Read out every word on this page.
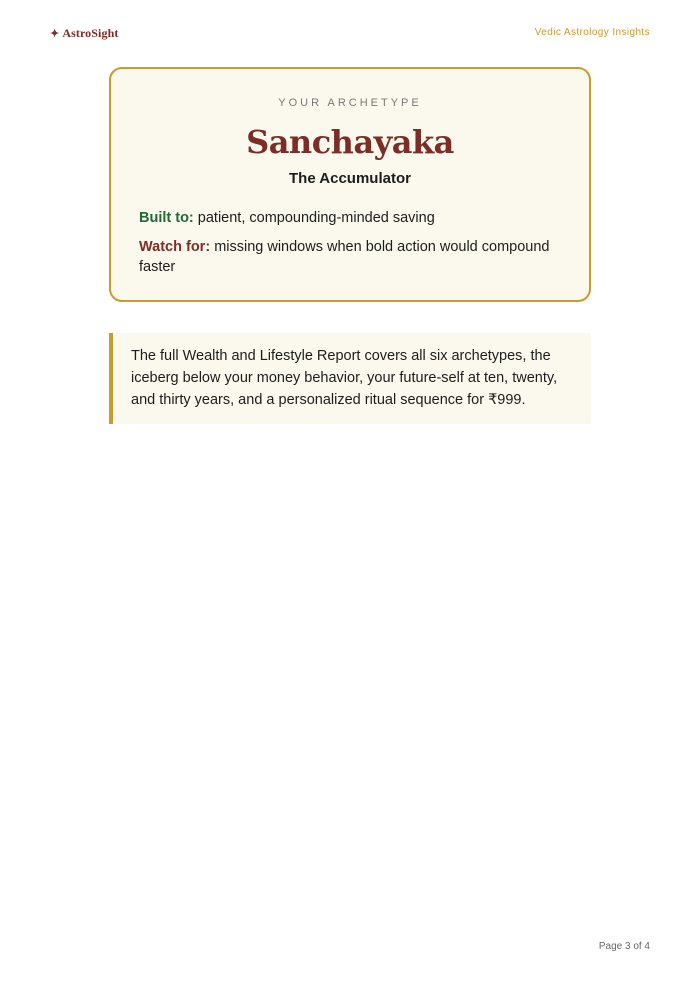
✦ AstroSight	Vedic Astrology Insights
YOUR ARCHETYPE
Sanchayaka
The Accumulator
Built to: patient, compounding-minded saving
Watch for: missing windows when bold action would compound faster
The full Wealth and Lifestyle Report covers all six archetypes, the iceberg below your money behavior, your future-self at ten, twenty, and thirty years, and a personalized ritual sequence for ₹999.
Page 3 of 4
